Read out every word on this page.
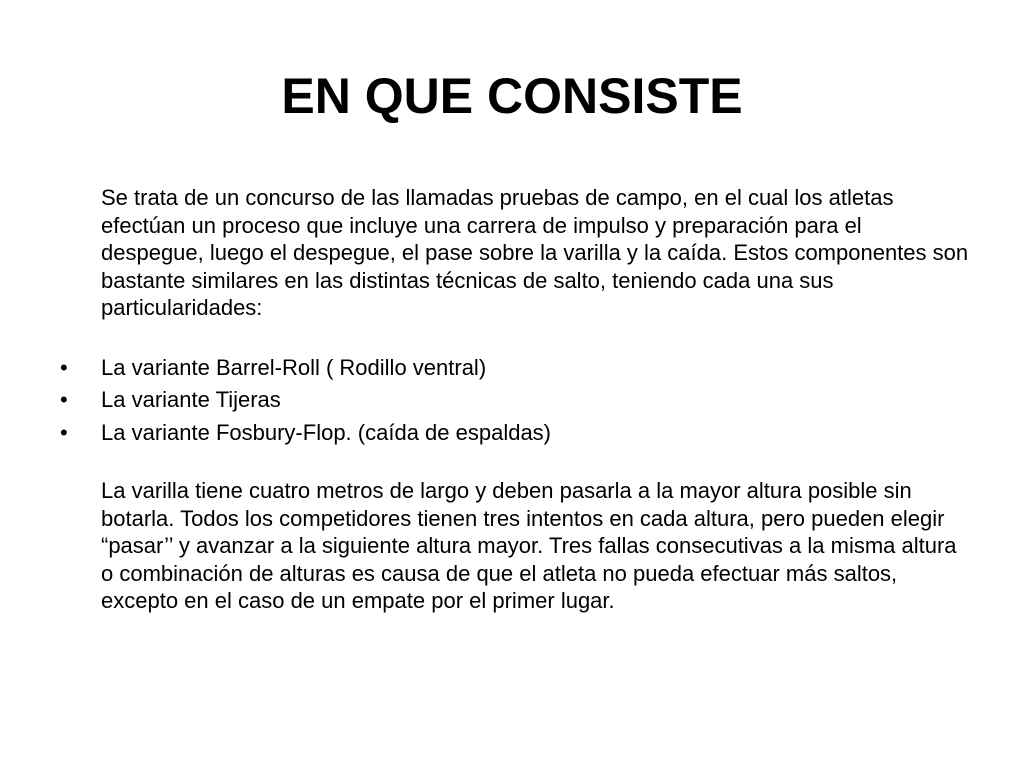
EN QUE CONSISTE

Se trata de un concurso de las llamadas pruebas de campo, en el cual los atletas efectúan un proceso que incluye una carrera de impulso y preparación para el despegue, luego el despegue, el pase sobre la varilla y la caída. Estos componentes son bastante similares en las distintas técnicas de salto, teniendo cada una sus particularidades:

•	La variante Barrel-Roll ( Rodillo ventral)
•	La variante Tijeras
•	La variante Fosbury-Flop. (caída de espaldas)

La varilla tiene cuatro metros de largo y deben pasarla a la mayor altura posible sin botarla. Todos los competidores tienen tres intentos en cada altura, pero pueden elegir “pasar’’ y avanzar a la siguiente altura mayor. Tres fallas consecutivas a la misma altura o combinación de alturas es causa de que el atleta no pueda efectuar más saltos, excepto en el caso de un empate por el primer lugar.
